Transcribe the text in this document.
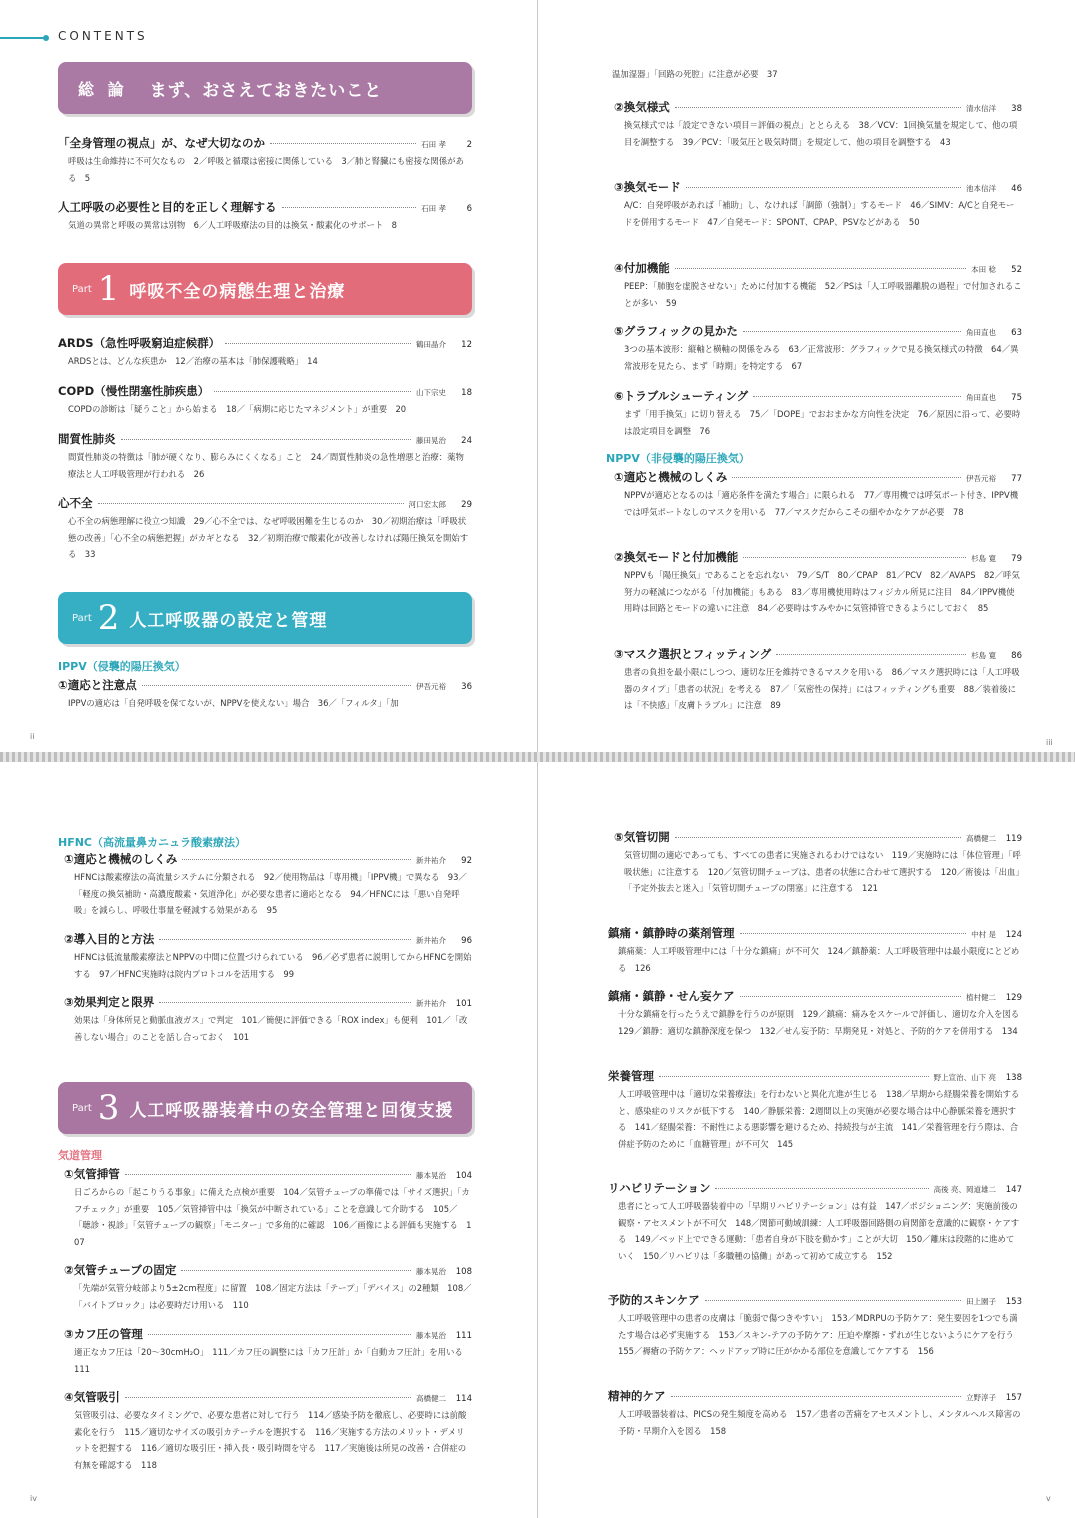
CONTENTS
総 論 まず、おさえておきたいこと
「全身管理の視点」が、なぜ大切なのか	石田 孝	2
呼吸は生命維持に不可欠なもの　2／呼吸と循環は密接に関係している　3／肺と腎臓にも密接な関係がある　5
人工呼吸の必要性と目的を正しく理解する	石田 孝	6
気道の異常と呼吸の異常は別物　6／人工呼吸療法の目的は換気・酸素化のサポート　8
Part 1 呼吸不全の病態生理と治療
ARDS（急性呼吸窮迫症候群）	鶴田晶介	12
ARDSとは、どんな疾患か　12／治療の基本は「肺保護戦略」　14
COPD（慢性閉塞性肺疾患）	山下宗史	18
COPDの診断は「疑うこと」から始まる　18／「病期に応じたマネジメント」が重要　20
間質性肺炎	藤田晃治	24
間質性肺炎の特徴は「肺が硬くなり、膨らみにくくなる」こと　24／間質性肺炎の急性増悪と治療：薬物療法と人工呼吸管理が行われる　26
心不全	河口宏太郎	29
心不全の病態理解に役立つ知識　29／心不全では、なぜ呼吸困難を生じるのか　30／初期治療は「呼吸状態の改善」「心不全の病態把握」がカギとなる　32／初期治療で酸素化が改善しなければ陽圧換気を開始する　33
Part 2 人工呼吸器の設定と管理
IPPV（侵襲的陽圧換気）
①適応と注意点	伊吾元裕	36
IPPVの適応は「自発呼吸を保てないが、NPPVを使えない」場合　36／「フィルタ」「加
ii
温加湿器」「回路の死腔」に注意が必要　37
②換気様式	清水信洋	38
換気様式では「設定できない項目＝評価の視点」ととらえる　38／VCV：1回換気量を規定して、他の項目を調整する　39／PCV：「吸気圧と吸気時間」を規定して、他の項目を調整する　43
③換気モード	池本信洋	46
A/C：自発呼吸があれば「補助」し、なければ「調節（強制）」するモード　46／SIMV：A/Cと自発モードを併用するモード　47／自発モード：SPONT、CPAP、PSVなどがある　50
④付加機能	本田 稔	52
PEEP：「肺胞を虚脱させない」ために付加する機能　52／PSは「人工呼吸器離脱の過程」で付加されることが多い　59
⑤グラフィックの見かた	角田直也	63
3つの基本波形：縦軸と横軸の関係をみる　63／正常波形：グラフィックで見る換気様式の特徴　64／異常波形を見たら、まず「時期」を特定する　67
⑥トラブルシューティング	角田直也	75
まず「用手換気」に切り替える　75／「DOPE」でおおまかな方向性を決定　76／原因に沿って、必要時は設定項目を調整　76
NPPV（非侵襲的陽圧換気）
①適応と機械のしくみ	伊吾元裕	77
NPPVが適応となるのは「適応条件を満たす場合」に限られる　77／専用機では呼気ポート付き、IPPV機では呼気ポートなしのマスクを用いる　77／マスクだからこその細やかなケアが必要　78
②換気モードと付加機能	杉島 寛	79
NPPVも「陽圧換気」であることを忘れない　79／S/T　80／CPAP　81／PCV　82／AVAPS　82／呼気努力の軽減につながる「付加機能」もある　83／専用機使用時はフィジカル所見に注目　84／IPPV機使用時は回路とモードの違いに注意　84／必要時はすみやかに気管挿管できるようにしておく　85
③マスク選択とフィッティング	杉島 寛	86
患者の負担を最小限にしつつ、適切な圧を維持できるマスクを用いる　86／マスク選択時には「人工呼吸器のタイプ」「患者の状況」を考える　87／「気密性の保持」にはフィッティングも重要　88／装着後には「不快感」「皮膚トラブル」に注意　89
iii
HFNC（高流量鼻カニュラ酸素療法）
①適応と機械のしくみ	新井祐介	92
HFNCは酸素療法の高流量システムに分類される　92／使用物品は「専用機」「IPPV機」で異なる　93／「軽度の換気補助・高濃度酸素・気道浄化」が必要な患者に適応となる　94／HFNCには「悪い自発呼吸」を減らし、呼吸仕事量を軽減する効果がある　95
②導入目的と方法	新井祐介	96
HFNCは低流量酸素療法とNPPVの中間に位置づけられている　96／必ず患者に説明してからHFNCを開始する　97／HFNC実施時は院内プロトコルを活用する　99
③効果判定と限界	新井祐介	101
効果は「身体所見と動脈血液ガス」で判定　101／簡便に評価できる「ROX index」も便利　101／「改善しない場合」のことを話し合っておく　101
Part 3 人工呼吸器装着中の安全管理と回復支援
気道管理
①気管挿管	藤本晃治	104
日ごろからの「起こりうる事象」に備えた点検が重要　104／気管チューブの準備では「サイズ選択」「カフチェック」が重要　105／気管挿管中は「換気が中断されている」ことを意識して介助する　105／「聴診・視診」「気管チューブの観察」「モニター」で多角的に確認　106／画像による評価も実施する　107
②気管チューブの固定	藤本晃治	108
「先端が気管分岐部より5±2cm程度」に留置　108／固定方法は「テープ」「デバイス」の2種類　108／「バイトブロック」は必要時だけ用いる　110
③カフ圧の管理	藤本晃治	111
適正なカフ圧は「20～30cmH₂O」　111／カフ圧の調整には「カフ圧計」か「自動カフ圧計」を用いる　111
④気管吸引	高橋健二	114
気管吸引は、必要なタイミングで、必要な患者に対して行う　114／感染予防を徹底し、必要時には前酸素化を行う　115／適切なサイズの吸引カテーテルを選択する　116／実施する方法のメリット・デメリットを把握する　116／適切な吸引圧・挿入長・吸引時間を守る　117／実施後は所見の改善・合併症の有無を確認する　118
iv
⑤気管切開	高橋健二	119
気管切開の適応であっても、すべての患者に実施されるわけではない　119／実施時には「体位管理」「呼吸状態」に注意する　120／気管切開チューブは、患者の状態に合わせて選択する　120／術後は「出血」「予定外抜去と迷入」「気管切開チューブの閉塞」に注意する　121
鎮痛・鎮静時の薬剤管理	中村 是	124
鎮痛薬：人工呼吸管理中には「十分な鎮痛」が不可欠　124／鎮静薬：人工呼吸管理中は最小限度にとどめる　126
鎮痛・鎮静・せん妄ケア	植村健二	129
十分な鎮痛を行ったうえで鎮静を行うのが原則　129／鎮痛：痛みをスケールで評価し、適切な介入を図る　129／鎮静：適切な鎮静深度を保つ　132／せん妄予防：早期発見・対処と、予防的ケアを併用する　134
栄養管理	野上宣治、山下 亮	138
人工呼吸管理中は「適切な栄養療法」を行わないと異化亢進が生じる　138／早期から経腸栄養を開始すると、感染症のリスクが低下する　140／静脈栄養：2週間以上の実施が必要な場合は中心静脈栄養を選択する　141／経腸栄養：不耐性による悪影響を避けるため、持続投与が主流　141／栄養管理を行う際は、合併症予防のために「血糖管理」が不可欠　145
リハビリテーション	高後 亮、岡道雄二	147
患者にとって人工呼吸器装着中の「早期リハビリテーション」は有益　147／ポジショニング：実施前後の観察・アセスメントが不可欠　148／関節可動域訓練：人工呼吸器回路側の肩関節を意識的に観察・ケアする　149／ベッド上でできる運動：「患者自身が下肢を動かす」ことが大切　150／離床は段階的に進めていく　150／リハビリは「多職種の協働」があって初めて成立する　152
予防的スキンケア	田上園子	153
人工呼吸管理中の患者の皮膚は「脆弱で傷つきやすい」　153／MDRPUの予防ケア：発生要因を1つでも満たす場合は必ず実施する　153／スキン-テアの予防ケア：圧迫や摩擦・ずれが生じないようにケアを行う　155／褥瘡の予防ケア：ヘッドアップ時に圧がかかる部位を意識してケアする　156
精神的ケア	立野淳子	157
人工呼吸器装着は、PICSの発生頻度を高める　157／患者の苦痛をアセスメントし、メンタルヘルス障害の予防・早期介入を図る　158
v
